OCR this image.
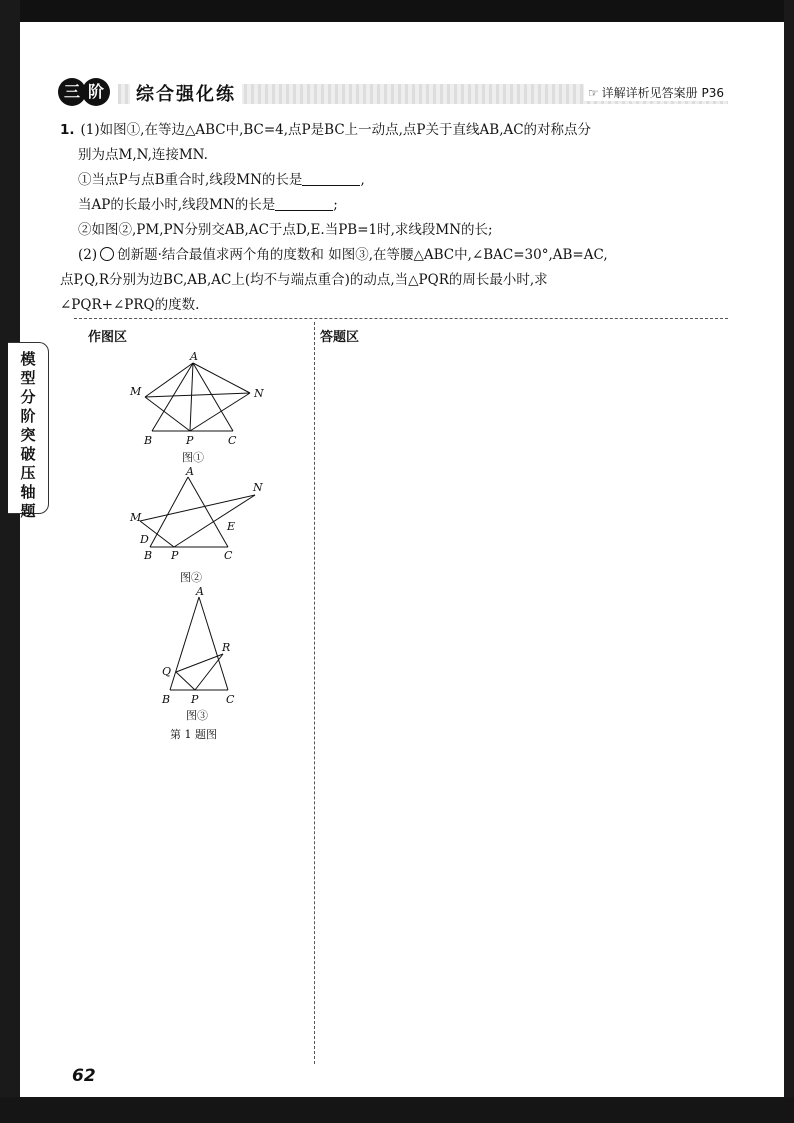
三 阶	综合强化练	☞ 详解详析见答案册 P36
1. (1)如图①,在等边△ABC中,BC=4,点P是BC上一动点,点P关于直线AB,AC的对称点分
别为点M,N,连接MN.
①当点P与点B重合时,线段MN的长是	,
当AP的长最小时,线段MN的长是	;
②如图②,PM,PN分别交AB,AC于点D,E.当PB=1时,求线段MN的长;
(2) 创新题·结合最值求两个角的度数和 如图③,在等腰△ABC中,∠BAC=30°,AB=AC,
点P,Q,R分别为边BC,AB,AC上(均不与端点重合)的动点,当△PQR的周长最小时,求
∠PQR+∠PRQ的度数.
作图区	答题区
模型分阶突破压轴题
A
B	C
P
M	N
图①
A
B	C
P
M
N
D
E
图②
A
B	C
P
Q
R
图③
第 1 题图
62
